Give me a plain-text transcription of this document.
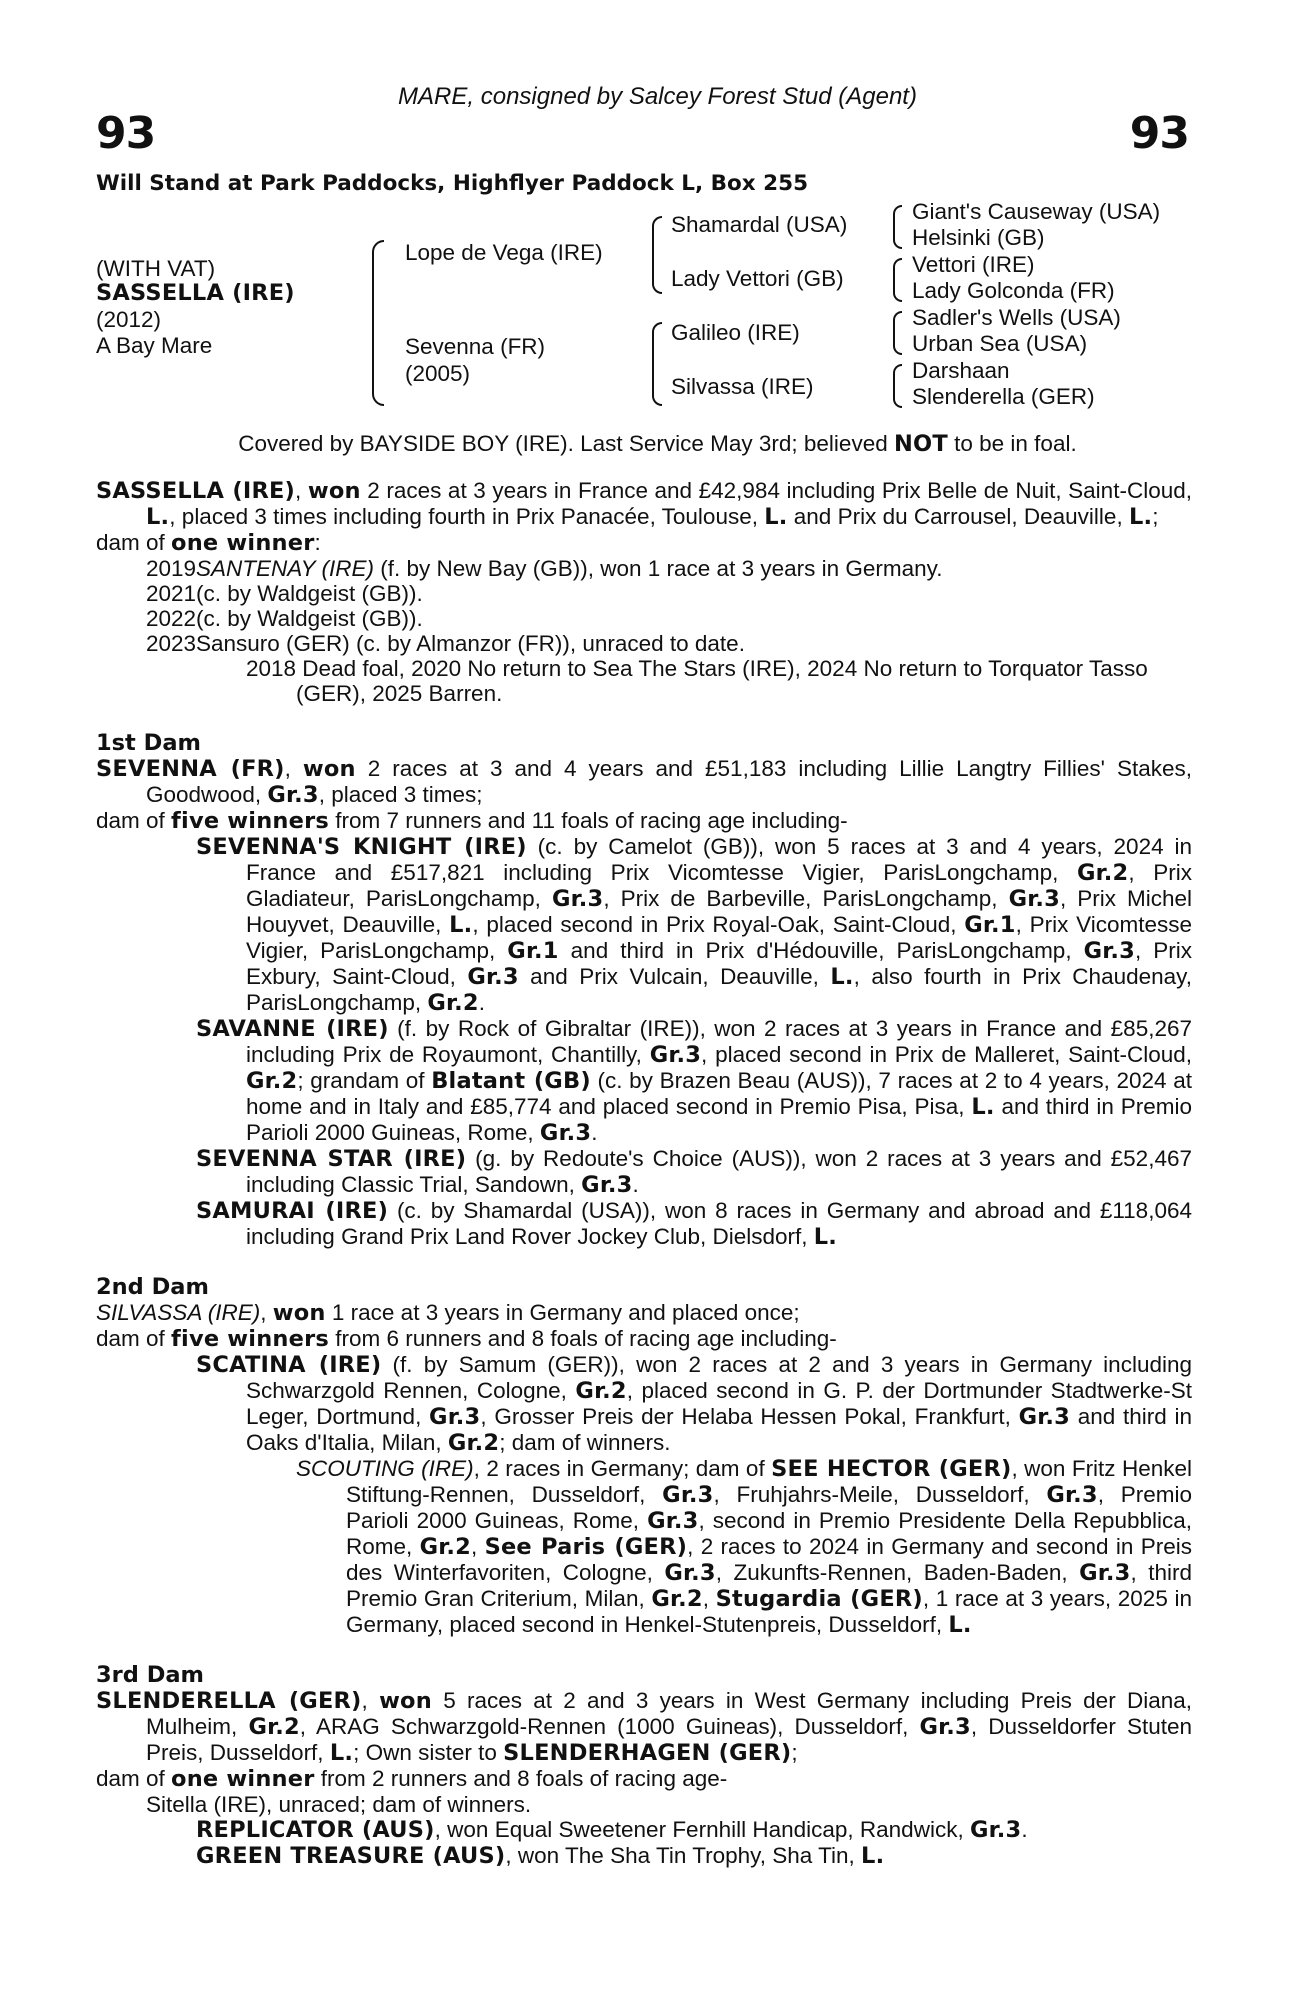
MARE, consigned by Salcey Forest Stud (Agent)
93	93
Will Stand at Park Paddocks, Highflyer Paddock L, Box 255
(WITH VAT)
SASSELLA (IRE)
(2012)
A Bay Mare
Lope de Vega (IRE)
Sevenna (FR)
(2005)
Shamardal (USA)
Lady Vettori (GB)
Galileo (IRE)
Silvassa (IRE)
Giant's Causeway (USA)
Helsinki (GB)
Vettori (IRE)
Lady Golconda (FR)
Sadler's Wells (USA)
Urban Sea (USA)
Darshaan
Slenderella (GER)
Covered by BAYSIDE BOY (IRE). Last Service May 3rd; believed NOT to be in foal.

SASSELLA (IRE), won 2 races at 3 years in France and £42,984 including Prix Belle de Nuit, Saint-Cloud, L., placed 3 times including fourth in Prix Panacée, Toulouse, L. and Prix du Carrousel, Deauville, L.;

dam of one winner:

2019 SANTENAY (IRE) (f. by New Bay (GB)), won 1 race at 3 years in Germany.
2021 (c. by Waldgeist (GB)).
2022 (c. by Waldgeist (GB)).
2023 Sansuro (GER) (c. by Almanzor (FR)), unraced to date.

2018 Dead foal, 2020 No return to Sea The Stars (IRE), 2024 No return to Torquator Tasso (GER), 2025 Barren.

1st Dam

SEVENNA (FR), won 2 races at 3 and 4 years and £51,183 including Lillie Langtry Fillies' Stakes, Goodwood, Gr.3, placed 3 times;

dam of five winners from 7 runners and 11 foals of racing age including-

SEVENNA'S KNIGHT (IRE) (c. by Camelot (GB)), won 5 races at 3 and 4 years, 2024 in France and £517,821 including Prix Vicomtesse Vigier, ParisLongchamp, Gr.2, Prix Gladiateur, ParisLongchamp, Gr.3, Prix de Barbeville, ParisLongchamp, Gr.3, Prix Michel Houyvet, Deauville, L., placed second in Prix Royal-Oak, Saint-Cloud, Gr.1, Prix Vicomtesse Vigier, ParisLongchamp, Gr.1 and third in Prix d'Hédouville, ParisLongchamp, Gr.3, Prix Exbury, Saint-Cloud, Gr.3 and Prix Vulcain, Deauville, L., also fourth in Prix Chaudenay, ParisLongchamp, Gr.2.

SAVANNE (IRE) (f. by Rock of Gibraltar (IRE)), won 2 races at 3 years in France and £85,267 including Prix de Royaumont, Chantilly, Gr.3, placed second in Prix de Malleret, Saint-Cloud, Gr.2; grandam of Blatant (GB) (c. by Brazen Beau (AUS)), 7 races at 2 to 4 years, 2024 at home and in Italy and £85,774 and placed second in Premio Pisa, Pisa, L. and third in Premio Parioli 2000 Guineas, Rome, Gr.3.

SEVENNA STAR (IRE) (g. by Redoute's Choice (AUS)), won 2 races at 3 years and £52,467 including Classic Trial, Sandown, Gr.3.

SAMURAI (IRE) (c. by Shamardal (USA)), won 8 races in Germany and abroad and £118,064 including Grand Prix Land Rover Jockey Club, Dielsdorf, L.

2nd Dam

SILVASSA (IRE), won 1 race at 3 years in Germany and placed once;

dam of five winners from 6 runners and 8 foals of racing age including-

SCATINA (IRE) (f. by Samum (GER)), won 2 races at 2 and 3 years in Germany including Schwarzgold Rennen, Cologne, Gr.2, placed second in G. P. der Dortmunder Stadtwerke-St Leger, Dortmund, Gr.3, Grosser Preis der Helaba Hessen Pokal, Frankfurt, Gr.3 and third in Oaks d'Italia, Milan, Gr.2; dam of winners.

SCOUTING (IRE), 2 races in Germany; dam of SEE HECTOR (GER), won Fritz Henkel Stiftung-Rennen, Dusseldorf, Gr.3, Fruhjahrs-Meile, Dusseldorf, Gr.3, Premio Parioli 2000 Guineas, Rome, Gr.3, second in Premio Presidente Della Repubblica, Rome, Gr.2, See Paris (GER), 2 races to 2024 in Germany and second in Preis des Winterfavoriten, Cologne, Gr.3, Zukunfts-Rennen, Baden-Baden, Gr.3, third Premio Gran Criterium, Milan, Gr.2, Stugardia (GER), 1 race at 3 years, 2025 in Germany, placed second in Henkel-Stutenpreis, Dusseldorf, L.

3rd Dam

SLENDERELLA (GER), won 5 races at 2 and 3 years in West Germany including Preis der Diana, Mulheim, Gr.2, ARAG Schwarzgold-Rennen (1000 Guineas), Dusseldorf, Gr.3, Dusseldorfer Stuten Preis, Dusseldorf, L.; Own sister to SLENDERHAGEN (GER);

dam of one winner from 2 runners and 8 foals of racing age-

Sitella (IRE), unraced; dam of winners.

REPLICATOR (AUS), won Equal Sweetener Fernhill Handicap, Randwick, Gr.3.

GREEN TREASURE (AUS), won The Sha Tin Trophy, Sha Tin, L.
